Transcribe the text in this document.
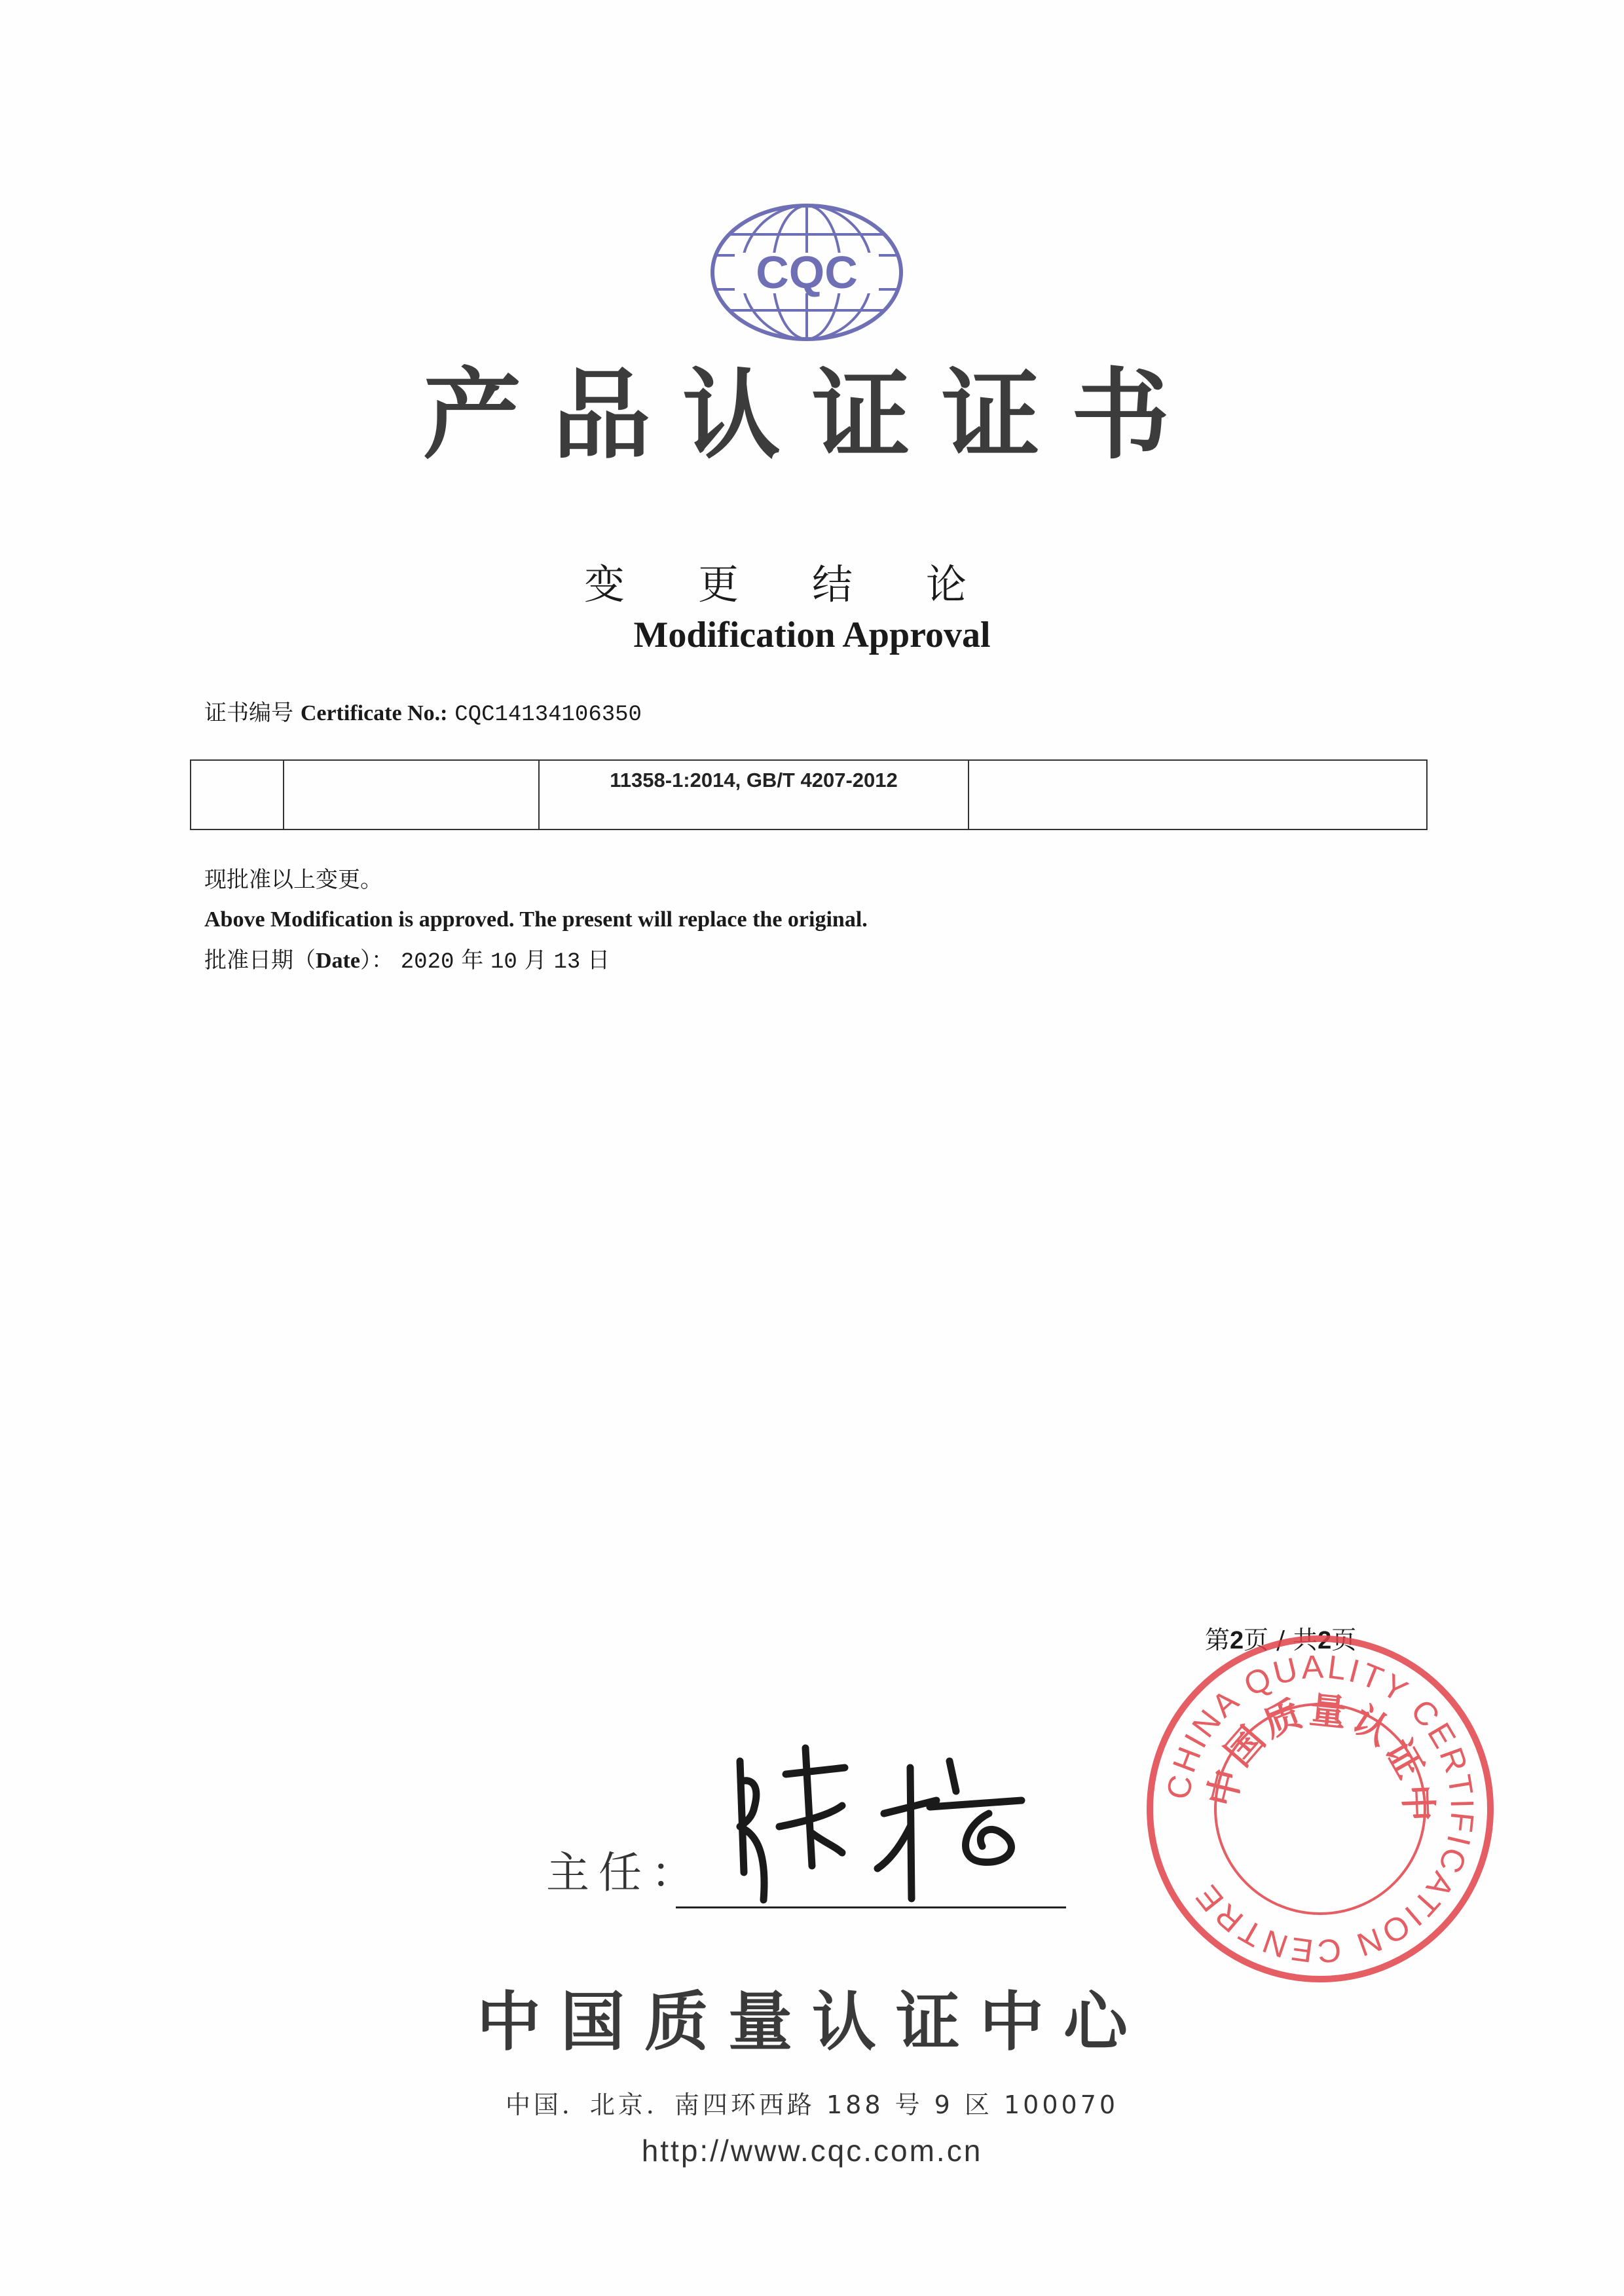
CQC
产品认证证书
变更结论
Modification Approval
证书编号 Certificate No.: CQC14134106350
		11358-1:2014, GB/T 4207-2012	
现批准以上变更。
Above Modification is approved. The present will replace the original.
批准日期（Date）： 2020 年 10 月 13 日
第2页 / 共2页
CHINA QUALITY CERTIFICATION CENTRE
中国质量认证中
主任：
中国质量认证中心
中国．北京．南四环西路 188 号 9 区 100070
http://www.cqc.com.cn
